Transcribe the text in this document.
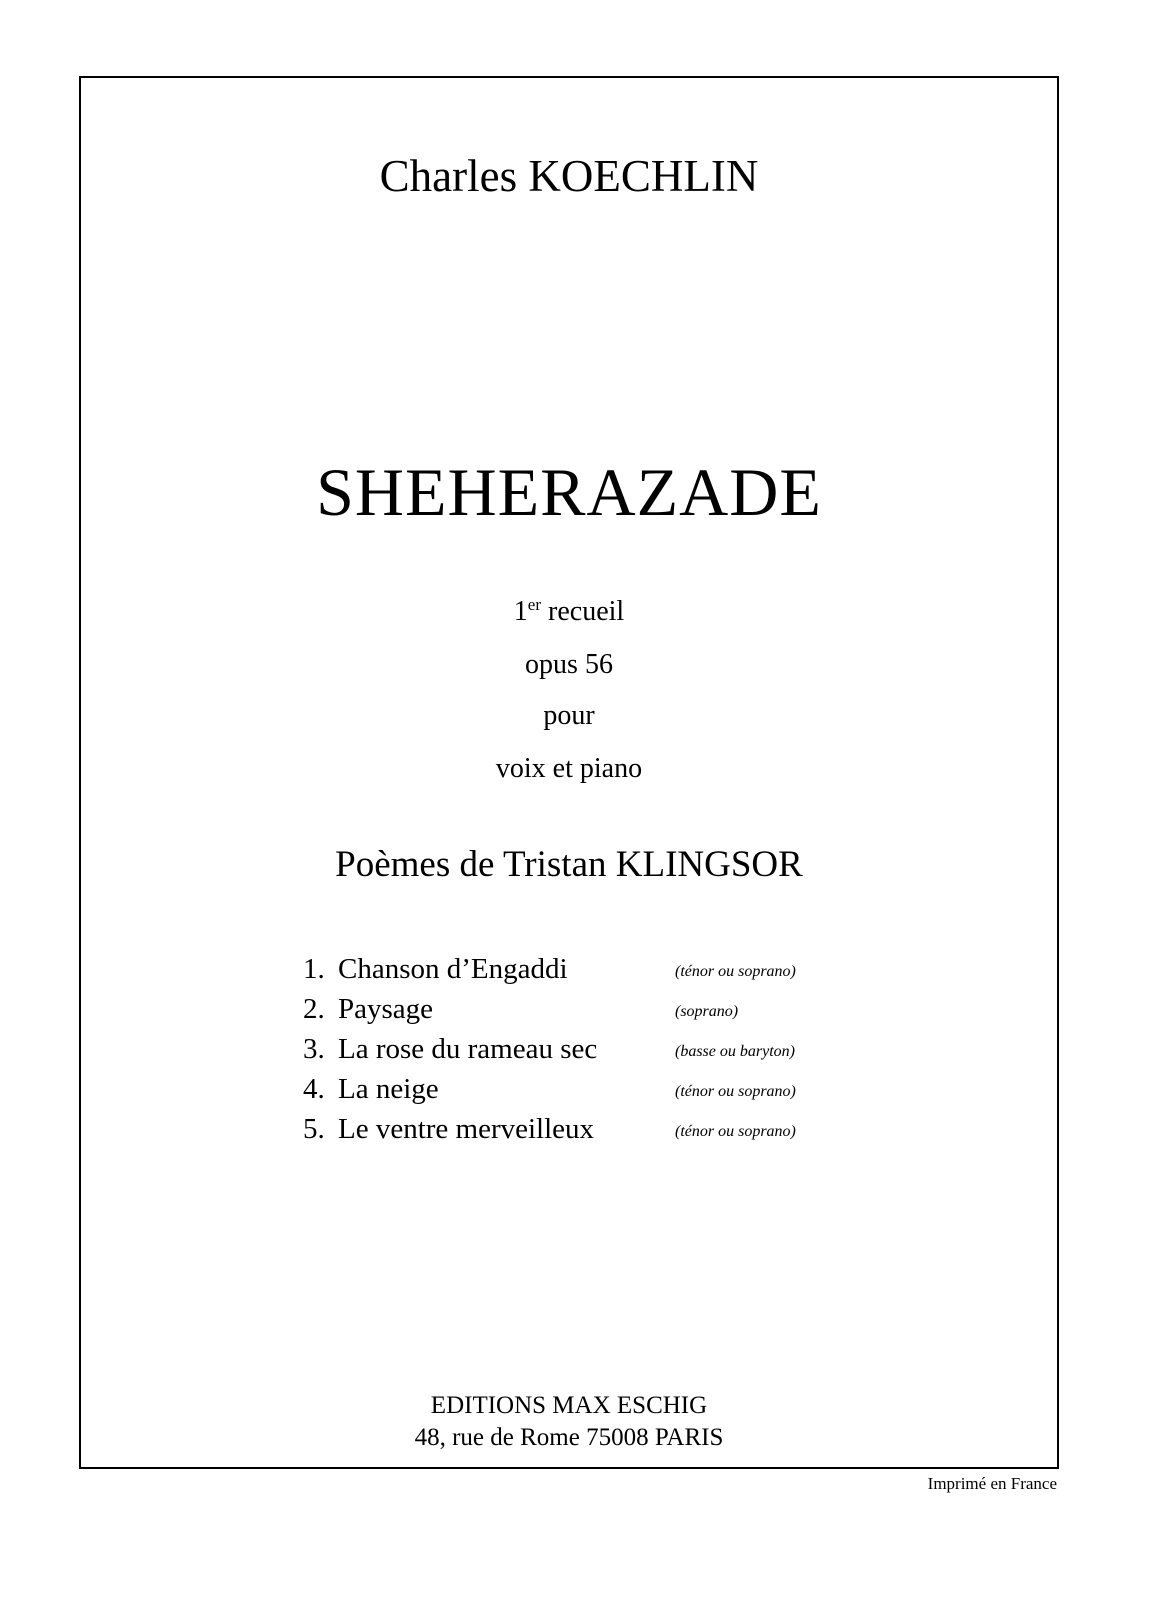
Charles KOECHLIN
SHEHERAZADE
1er recueil
opus 56
pour
voix et piano
Poèmes de Tristan KLINGSOR
1. Chanson d’Engaddi	(ténor ou soprano)
2. Paysage	(soprano)
3. La rose du rameau sec	(basse ou baryton)
4. La neige	(ténor ou soprano)
5. Le ventre merveilleux	(ténor ou soprano)
EDITIONS MAX ESCHIG
48, rue de Rome 75008 PARIS
Imprimé en France
